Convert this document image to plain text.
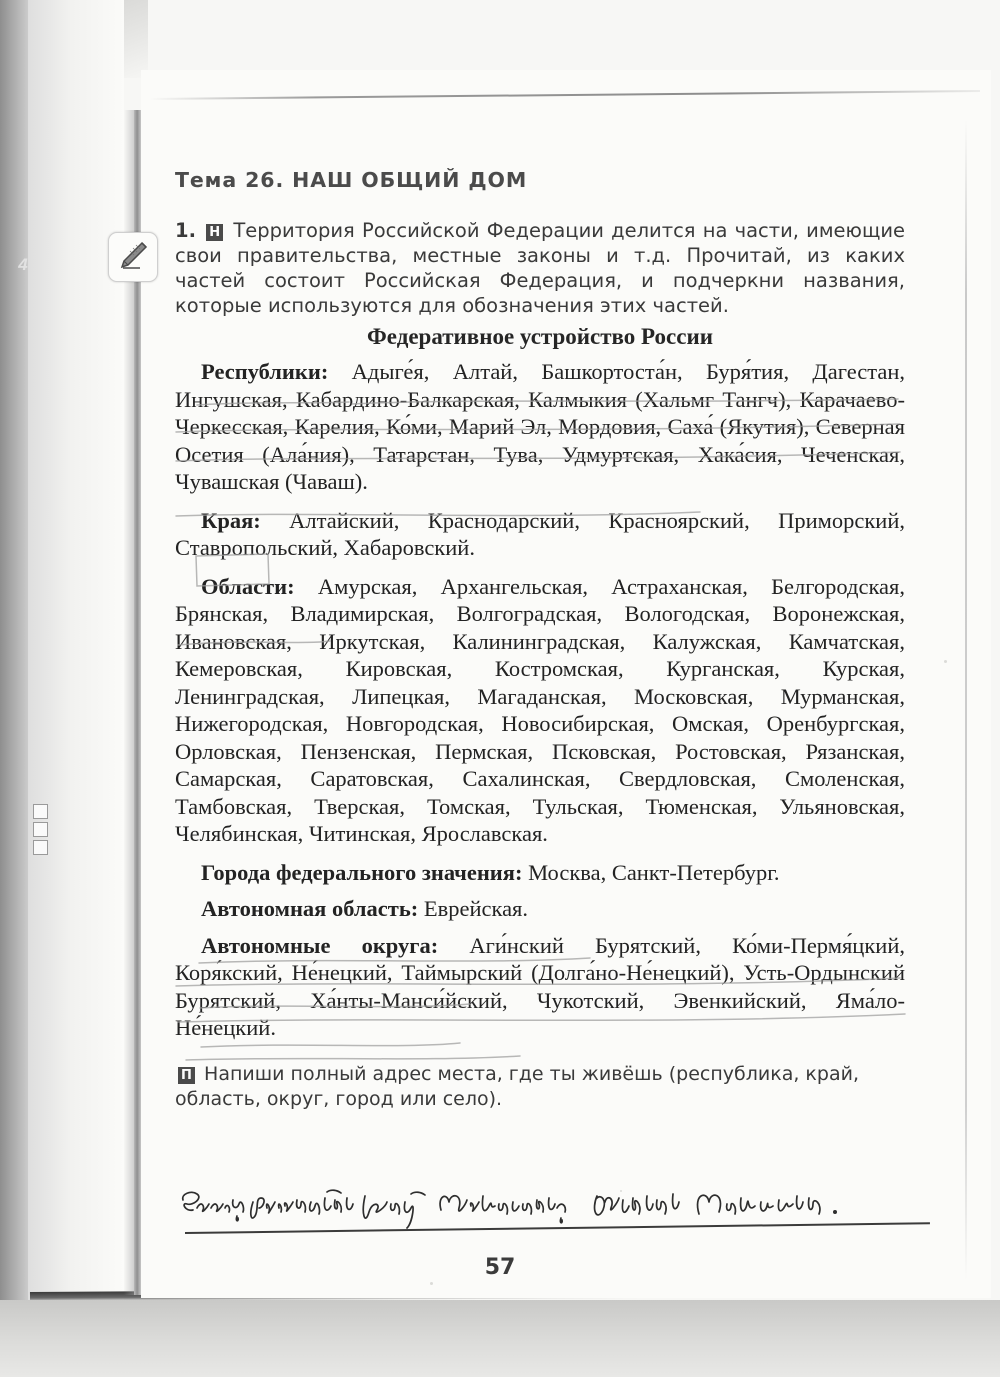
4
Тема 26. НАШ ОБЩИЙ ДОМ

1. Н Территория Российской Федерации делится на части, имеющие свои правительства, местные законы и т.д. Прочитай, из каких частей состоит Российская Федерация, и подчеркни названия, которые используются для обозначения этих частей.

Федеративное устройство России

Республики: Адыге́я, Алтай, Башкортоста́н, Буря́тия, Дагестан, Ингушская, Кабардино-Балкарская, Калмыкия (Хальмг Тангч), Карачаево-Черкесская, Карелия, Ко́ми, Марий Эл, Мордовия, Саха́ (Якутия), Северная Осетия (Ала́ния), Татарстан, Тува, Удмуртская, Хака́сия, Чеченская, Чувашская (Чаваш).

Края: Алтайский, Краснодарский, Красноярский, Приморский, Ставропольский, Хабаровский.

Области: Амурская, Архангельская, Астраханская, Белгородская, Брянская, Владимирская, Волгоградская, Вологодская, Воронежская, Ивановская, Иркутская, Калининградская, Калужская, Камчатская, Кемеровская, Кировская, Костромская, Курганская, Курская, Ленинградская, Липецкая, Магаданская, Московская, Мурманская, Нижегородская, Новгородская, Новосибирская, Омская, Оренбургская, Орловская, Пензенская, Пермская, Псковская, Ростовская, Рязанская, Самарская, Саратовская, Сахалинская, Свердловская, Смоленская, Тамбовская, Тверская, Томская, Тульская, Тюменская, Ульяновская, Челябинская, Читинская, Ярославская.

Города федерального значения: Москва, Санкт-Петербург.

Автономная область: Еврейская.

Автономные округа: Аги́нский Бурятский, Ко́ми-Пермя́цкий, Коря́кский, Не́нецкий, Таймырский (Долга́но-Не́нецкий), Усть-Ордынский Бурятский, Ха́нты-Манси́йский, Чукотский, Эвенкийский, Яма́ло-Не́нецкий.

П Напиши полный адрес места, где ты живёшь (республика, край, область, округ, город или село).

57
